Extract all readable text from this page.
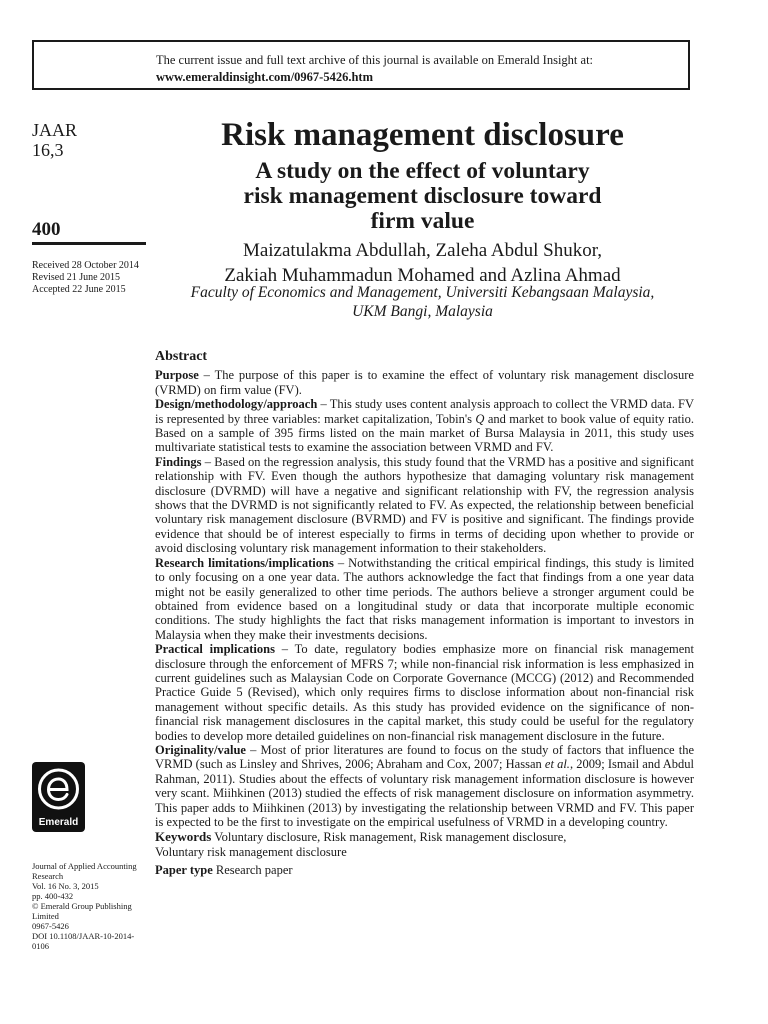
The current issue and full text archive of this journal is available on Emerald Insight at:
www.emeraldinsight.com/0967-5426.htm
JAAR
16,3
400
Received 28 October 2014
Revised 21 June 2015
Accepted 22 June 2015
Risk management disclosure
A study on the effect of voluntary
risk management disclosure toward
firm value
Maizatulakma Abdullah, Zaleha Abdul Shukor,
Zakiah Muhammadun Mohamed and Azlina Ahmad
Faculty of Economics and Management, Universiti Kebangsaan Malaysia,
UKM Bangi, Malaysia
Abstract

Purpose – The purpose of this paper is to examine the effect of voluntary risk management disclosure (VRMD) on firm value (FV).

Design/methodology/approach – This study uses content analysis approach to collect the VRMD data. FV is represented by three variables: market capitalization, Tobin's Q and market to book value of equity ratio. Based on a sample of 395 firms listed on the main market of Bursa Malaysia in 2011, this study uses multivariate statistical tests to examine the association between VRMD and FV.

Findings – Based on the regression analysis, this study found that the VRMD has a positive and significant relationship with FV. Even though the authors hypothesize that damaging voluntary risk management disclosure (DVRMD) will have a negative and significant relationship with FV, the regression analysis shows that the DVRMD is not significantly related to FV. As expected, the relationship between beneficial voluntary risk management disclosure (BVRMD) and FV is positive and significant. The findings provide evidence that should be of interest especially to firms in terms of deciding upon whether to provide or avoid disclosing voluntary risk management information to their stakeholders.

Research limitations/implications – Notwithstanding the critical empirical findings, this study is limited to only focusing on a one year data. The authors acknowledge the fact that findings from a one year data might not be easily generalized to other time periods. The authors believe a stronger argument could be obtained from evidence based on a longitudinal study or data that incorporate multiple economic conditions. The study highlights the fact that risks management information is important to investors in Malaysia when they make their investments decisions.

Practical implications – To date, regulatory bodies emphasize more on financial risk management disclosure through the enforcement of MFRS 7; while non-financial risk information is less emphasized in current guidelines such as Malaysian Code on Corporate Governance (MCCG) (2012) and Recommended Practice Guide 5 (Revised), which only requires firms to disclose information about non-financial risk management without specific details. As this study has provided evidence on the significance of non-financial risk management disclosures in the capital market, this study could be useful for the regulatory bodies to develop more detailed guidelines on non-financial risk management disclosure in the future.

Originality/value – Most of prior literatures are found to focus on the study of factors that influence the VRMD (such as Linsley and Shrives, 2006; Abraham and Cox, 2007; Hassan et al., 2009; Ismail and Abdul Rahman, 2011). Studies about the effects of voluntary risk management information disclosure is however very scant. Miihkinen (2013) studied the effects of risk management disclosure on information asymmetry. This paper adds to Miihkinen (2013) by investigating the relationship between VRMD and FV. This paper is expected to be the first to investigate on the empirical usefulness of VRMD in a developing country.

Keywords Voluntary disclosure, Risk management, Risk management disclosure,
Voluntary risk management disclosure
Paper type Research paper
Emerald
Journal of Applied Accounting
Research
Vol. 16 No. 3, 2015
pp. 400-432
© Emerald Group Publishing Limited
0967-5426
DOI 10.1108/JAAR-10-2014-0106
